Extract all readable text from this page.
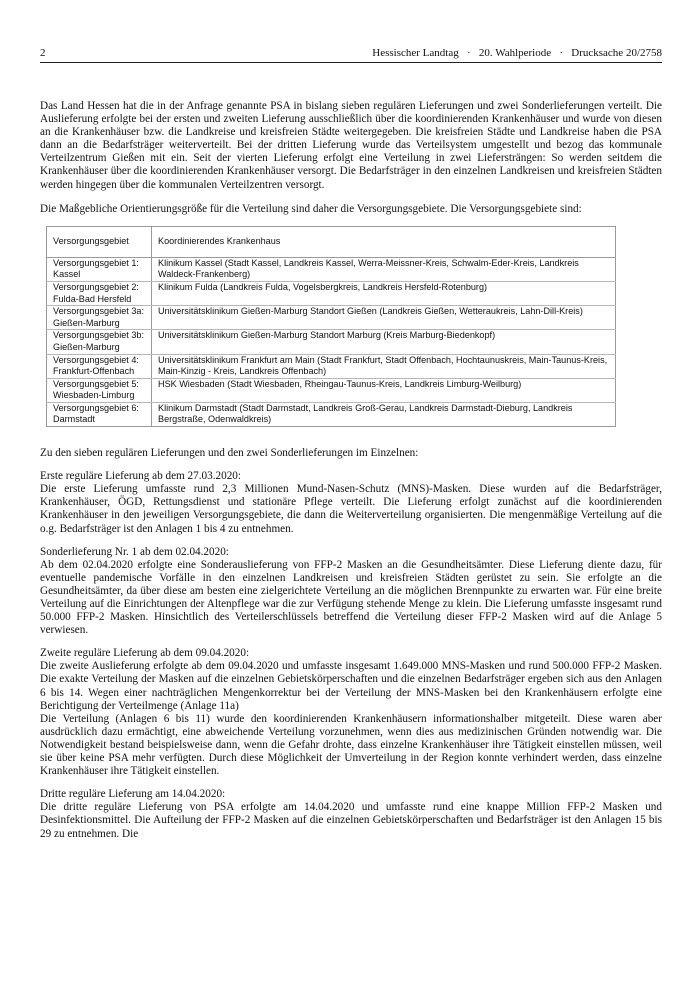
2	Hessischer Landtag   ·   20. Wahlperiode   ·   Drucksache 20/2758

Das Land Hessen hat die in der Anfrage genannte PSA in bislang sieben regulären Lieferungen und zwei Sonderlieferungen verteilt. Die Auslieferung erfolgte bei der ersten und zweiten Lieferung ausschließlich über die koordinierenden Krankenhäuser und wurde von diesen an die Krankenhäuser bzw. die Landkreise und kreisfreien Städte weitergegeben. Die kreisfreien Städte und Landkreise haben die PSA dann an die Bedarfsträger weiterverteilt. Bei der dritten Lieferung wurde das Verteilsystem umgestellt und bezog das kommunale Verteilzentrum Gießen mit ein. Seit der vierten Lieferung erfolgt eine Verteilung in zwei Liefersträngen: So werden seitdem die Krankenhäuser über die koordinierenden Krankenhäuser versorgt. Die Bedarfsträger in den einzelnen Landkreisen und kreisfreien Städten werden hingegen über die kommunalen Verteilzentren versorgt.

Die Maßgebliche Orientierungsgröße für die Verteilung sind daher die Versorgungsgebiete. Die Versorgungsgebiete sind:

Versorgungsgebiet	Koordinierendes Krankenhaus
Versorgungsgebiet 1: Kassel	Klinikum Kassel (Stadt Kassel, Landkreis Kassel, Werra-Meissner-Kreis, Schwalm-Eder-Kreis, Landkreis Waldeck-Frankenberg)
Versorgungsgebiet 2: Fulda-Bad Hersfeld	Klinikum Fulda (Landkreis Fulda, Vogelsbergkreis, Landkreis Hersfeld-Rotenburg)
Versorgungsgebiet 3a: Gießen-Marburg	Universitätsklinikum Gießen-Marburg Standort Gießen (Landkreis Gießen, Wetteraukreis, Lahn-Dill-Kreis)
Versorgungsgebiet 3b: Gießen-Marburg	Universitätsklinikum Gießen-Marburg Standort Marburg (Kreis Marburg-Biedenkopf)
Versorgungsgebiet 4: Frankfurt-Offenbach	Universitätsklinikum Frankfurt am Main (Stadt Frankfurt, Stadt Offenbach, Hochtaunuskreis, Main-Taunus-Kreis, Main-Kinzig - Kreis, Landkreis Offenbach)
Versorgungsgebiet 5: Wiesbaden-Limburg	HSK Wiesbaden (Stadt Wiesbaden, Rheingau-Taunus-Kreis, Landkreis Limburg-Weilburg)
Versorgungsgebiet 6: Darmstadt	Klinikum Darmstadt (Stadt Darmstadt, Landkreis Groß-Gerau, Landkreis Darmstadt-Dieburg, Landkreis Bergstraße, Odenwaldkreis)

Zu den sieben regulären Lieferungen und den zwei Sonderlieferungen im Einzelnen:

Erste reguläre Lieferung ab dem 27.03.2020:

Die erste Lieferung umfasste rund 2,3 Millionen Mund-Nasen-Schutz (MNS)-Masken. Diese wurden auf die Bedarfsträger, Krankenhäuser, ÖGD, Rettungsdienst und stationäre Pflege verteilt. Die Lieferung erfolgt zunächst auf die koordinierenden Krankenhäuser in den jeweiligen Versorgungsgebiete, die dann die Weiterverteilung organisierten. Die mengenmäßige Verteilung auf die o.g. Bedarfsträger ist den Anlagen 1 bis 4 zu entnehmen.

Sonderlieferung Nr. 1 ab dem 02.04.2020:

Ab dem 02.04.2020 erfolgte eine Sonderauslieferung von FFP-2 Masken an die Gesundheitsämter. Diese Lieferung diente dazu, für eventuelle pandemische Vorfälle in den einzelnen Landkreisen und kreisfreien Städten gerüstet zu sein. Sie erfolgte an die Gesundheitsämter, da über diese am besten eine zielgerichtete Verteilung an die möglichen Brennpunkte zu erwarten war. Für eine breite Verteilung auf die Einrichtungen der Altenpflege war die zur Verfügung stehende Menge zu klein. Die Lieferung umfasste insgesamt rund 50.000 FFP-2 Masken. Hinsichtlich des Verteilerschlüssels betreffend die Verteilung dieser FFP-2 Masken wird auf die Anlage 5 verwiesen.

Zweite reguläre Lieferung ab dem 09.04.2020:

Die zweite Auslieferung erfolgte ab dem 09.04.2020 und umfasste insgesamt 1.649.000 MNS-Masken und rund 500.000 FFP-2 Masken. Die exakte Verteilung der Masken auf die einzelnen Gebietskörperschaften und die einzelnen Bedarfsträger ergeben sich aus den Anlagen 6 bis 14. Wegen einer nachträglichen Mengenkorrektur bei der Verteilung der MNS-Masken bei den Krankenhäusern erfolgte eine Berichtigung der Verteilmenge (Anlage 11a)

Die Verteilung (Anlagen 6 bis 11) wurde den koordinierenden Krankenhäusern informationshalber mitgeteilt. Diese waren aber ausdrücklich dazu ermächtigt, eine abweichende Verteilung vorzunehmen, wenn dies aus medizinischen Gründen notwendig war. Die Notwendigkeit bestand beispielsweise dann, wenn die Gefahr drohte, dass einzelne Krankenhäuser ihre Tätigkeit einstellen müssen, weil sie über keine PSA mehr verfügten. Durch diese Möglichkeit der Umverteilung in der Region konnte verhindert werden, dass einzelne Krankenhäuser ihre Tätigkeit einstellen.

Dritte reguläre Lieferung am 14.04.2020:

Die dritte reguläre Lieferung von PSA erfolgte am 14.04.2020 und umfasste rund eine knappe Million FFP-2 Masken und Desinfektionsmittel. Die Aufteilung der FFP-2 Masken auf die einzelnen Gebietskörperschaften und Bedarfsträger ist den Anlagen 15 bis 29 zu entnehmen. Die
